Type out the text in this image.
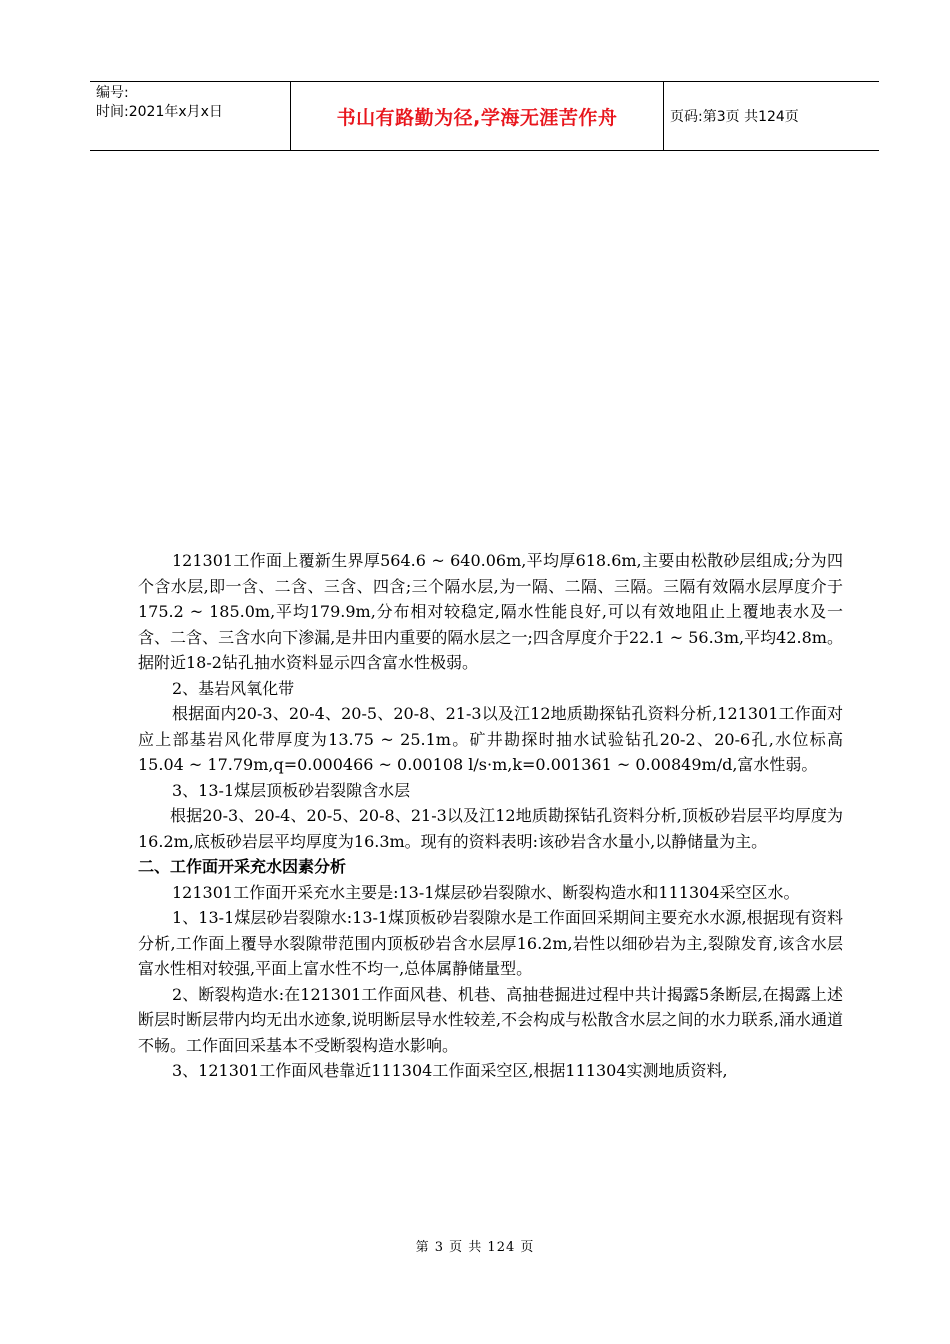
编号:
时间:2021年x月x日	书山有路勤为径,学海无涯苦作舟	页码:第3页 共124页

121301工作面上覆新生界厚564.6 ~ 640.06m,平均厚618.6m,主要由松散砂层组成;分为四个含水层,即一含、二含、三含、四含;三个隔水层,为一隔、二隔、三隔。三隔有效隔水层厚度介于175.2 ~ 185.0m,平均179.9m,分布相对较稳定,隔水性能良好,可以有效地阻止上覆地表水及一含、二含、三含水向下渗漏,是井田内重要的隔水层之一;四含厚度介于22.1 ~ 56.3m,平均42.8m。据附近18-2钻孔抽水资料显示四含富水性极弱。

2、基岩风氧化带

根据面内20-3、20-4、20-5、20-8、21-3以及江12地质勘探钻孔资料分析,121301工作面对应上部基岩风化带厚度为13.75 ~ 25.1m。矿井勘探时抽水试验钻孔20-2、20-6孔,水位标高15.04 ~ 17.79m,q=0.000466 ~ 0.00108 l/s·m,k=0.001361 ~ 0.00849m/d,富水性弱。

3、13-1煤层顶板砂岩裂隙含水层

根据20-3、20-4、20-5、20-8、21-3以及江12地质勘探钻孔资料分析,顶板砂岩层平均厚度为16.2m,底板砂岩层平均厚度为16.3m。现有的资料表明:该砂岩含水量小,以静储量为主。

二、工作面开采充水因素分析

121301工作面开采充水主要是:13-1煤层砂岩裂隙水、断裂构造水和111304采空区水。

1、13-1煤层砂岩裂隙水:13-1煤顶板砂岩裂隙水是工作面回采期间主要充水水源,根据现有资料分析,工作面上覆导水裂隙带范围内顶板砂岩含水层厚16.2m,岩性以细砂岩为主,裂隙发育,该含水层富水性相对较强,平面上富水性不均一,总体属静储量型。

2、断裂构造水:在121301工作面风巷、机巷、高抽巷掘进过程中共计揭露5条断层,在揭露上述断层时断层带内均无出水迹象,说明断层导水性较差,不会构成与松散含水层之间的水力联系,涌水通道不畅。工作面回采基本不受断裂构造水影响。

3、121301工作面风巷靠近111304工作面采空区,根据111304实测地质资料,

第 3 页 共 124 页
